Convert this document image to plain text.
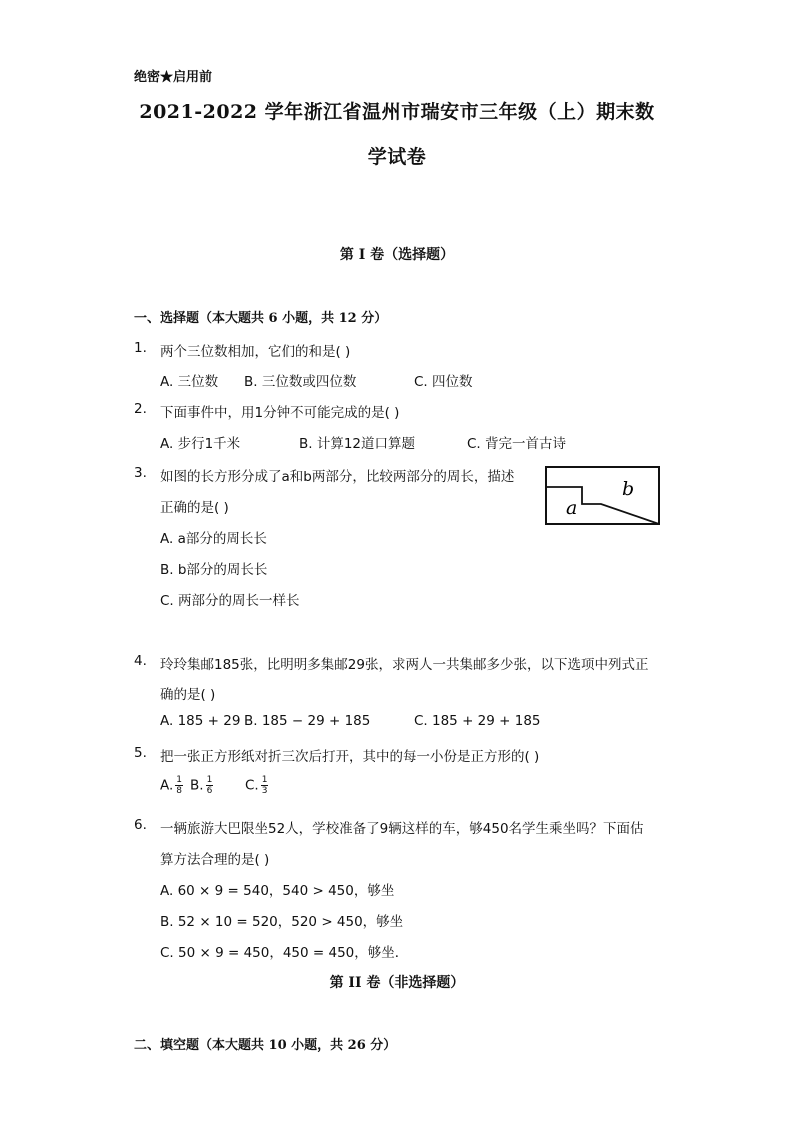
绝密★启用前
2021-2022 学年浙江省温州市瑞安市三年级（上）期末数
学试卷
第 I 卷（选择题）
一、选择题（本大题共 6 小题，共 12 分）
1. 两个三位数相加，它们的和是( )
A. 三位数 B. 三位数或四位数	C. 四位数
2. 下面事件中，用1分钟不可能完成的是( )
A. 步行1千米	B. 计算12道口算题	C. 背完一首古诗
3. 如图的长方形分成了a和b两部分，比较两部分的周长，描述
正确的是( )
A. a部分的周长长
B. b部分的周长长
C. 两部分的周长一样长
b
a
4. 玲玲集邮185张，比明明多集邮29张，求两人一共集邮多少张，以下选项中列式正
确的是( )
A. 185 + 29 B. 185 − 29 + 185	C. 185 + 29 + 185
5. 把一张正方形纸对折三次后打开，其中的每一小份是正方形的( )
A. $\frac{1}{8} B$. $\frac{1}{6} C$. $\frac{1}{3}$
6. 一辆旅游大巴限坐52人，学校准备了9辆这样的车，够450名学生乘坐吗？下面估
算方法合理的是( )
A. 60 × 9 = 540，540 > 450，够坐
B. 52 × 10 = 520，520 > 450，够坐
C. 50 × 9 = 450，450 = 450，够坐．
第 II 卷（非选择题）
二、填空题（本大题共 10 小题，共 26 分）
